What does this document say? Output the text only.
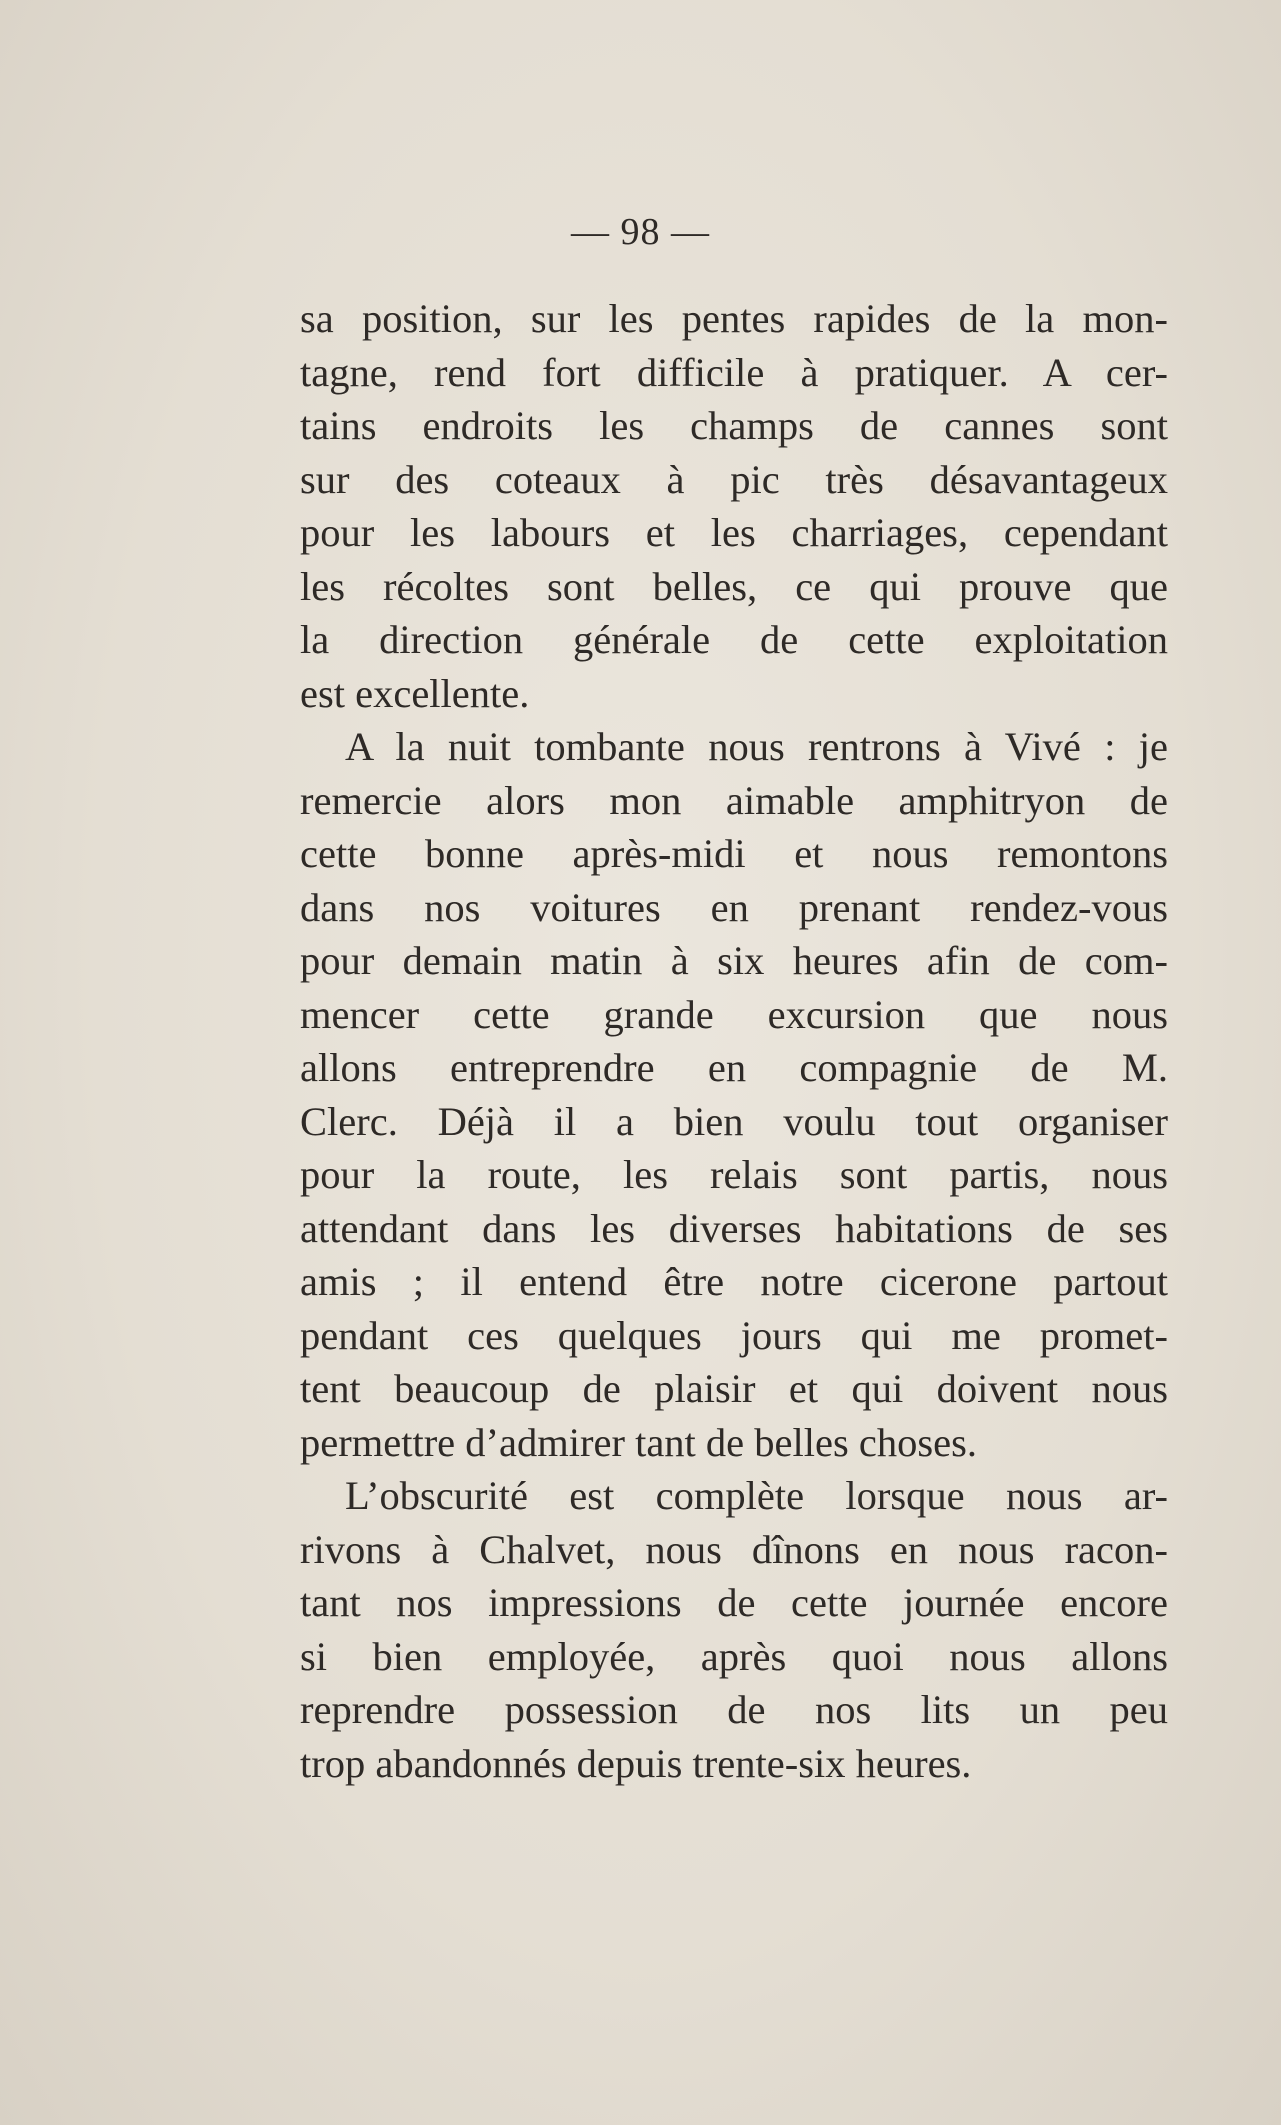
— 98 —
sa position, sur les pentes rapides de la mon-
tagne, rend fort difficile à pratiquer. A cer-
tains endroits les champs de cannes sont
sur des coteaux à pic très désavantageux
pour les labours et les charriages, cependant
les récoltes sont belles, ce qui prouve que
la direction générale de cette exploitation
est excellente.
A la nuit tombante nous rentrons à Vivé : je
remercie alors mon aimable amphitryon de
cette bonne après-midi et nous remontons
dans nos voitures en prenant rendez-vous
pour demain matin à six heures afin de com-
mencer cette grande excursion que nous
allons entreprendre en compagnie de M.
Clerc. Déjà il a bien voulu tout organiser
pour la route, les relais sont partis, nous
attendant dans les diverses habitations de ses
amis ; il entend être notre cicerone partout
pendant ces quelques jours qui me promet-
tent beaucoup de plaisir et qui doivent nous
permettre d’admirer tant de belles choses.
L’obscurité est complète lorsque nous ar-
rivons à Chalvet, nous dînons en nous racon-
tant nos impressions de cette journée encore
si bien employée, après quoi nous allons
reprendre possession de nos lits un peu
trop abandonnés depuis trente-six heures.
